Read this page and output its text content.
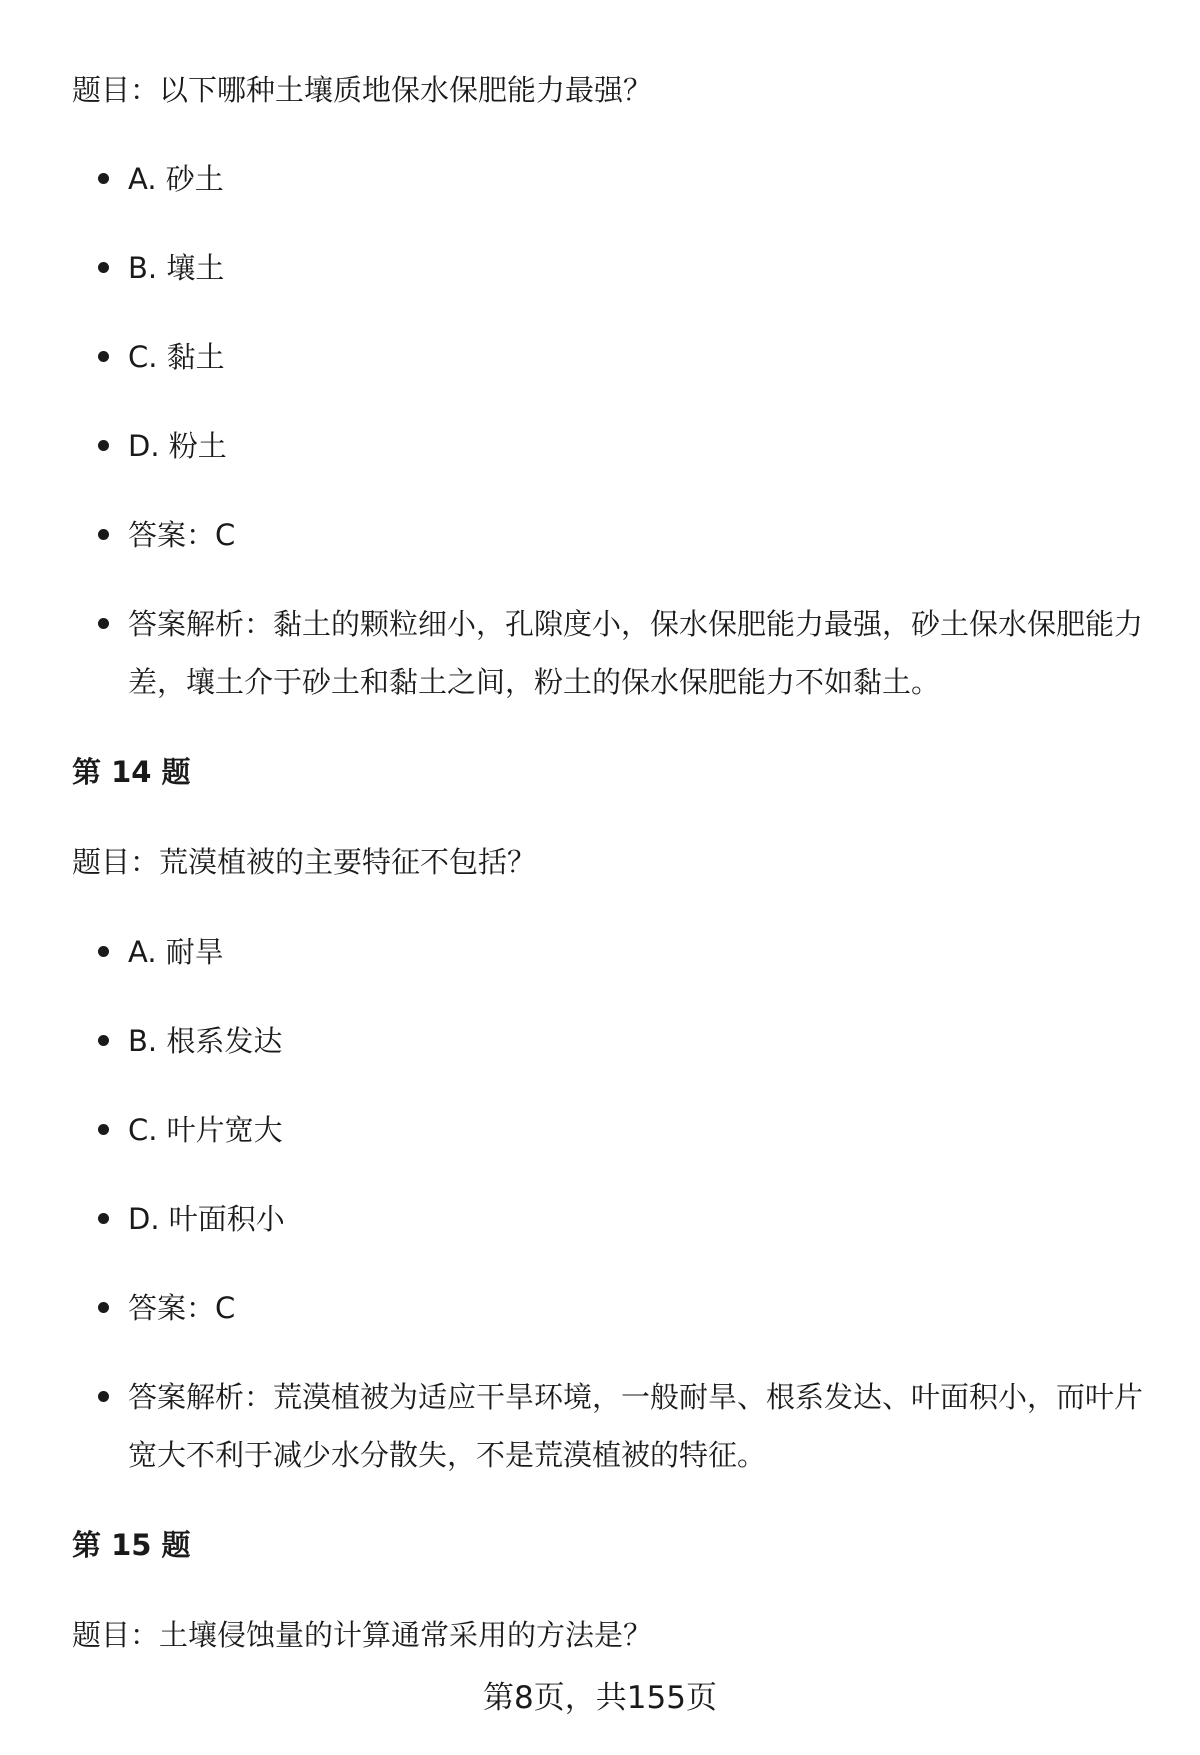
题目：以下哪种土壤质地保水保肥能力最强？
A. 砂土
B. 壤土
C. 黏土
D. 粉土
答案：C
答案解析：黏土的颗粒细小，孔隙度小，保水保肥能力最强，砂土保水保肥能力差，壤土介于砂土和黏土之间，粉土的保水保肥能力不如黏土。
第 14 题
题目：荒漠植被的主要特征不包括？
A. 耐旱
B. 根系发达
C. 叶片宽大
D. 叶面积小
答案：C
答案解析：荒漠植被为适应干旱环境，一般耐旱、根系发达、叶面积小，而叶片宽大不利于减少水分散失，不是荒漠植被的特征。
第 15 题
题目：土壤侵蚀量的计算通常采用的方法是？
第8页，共155页
